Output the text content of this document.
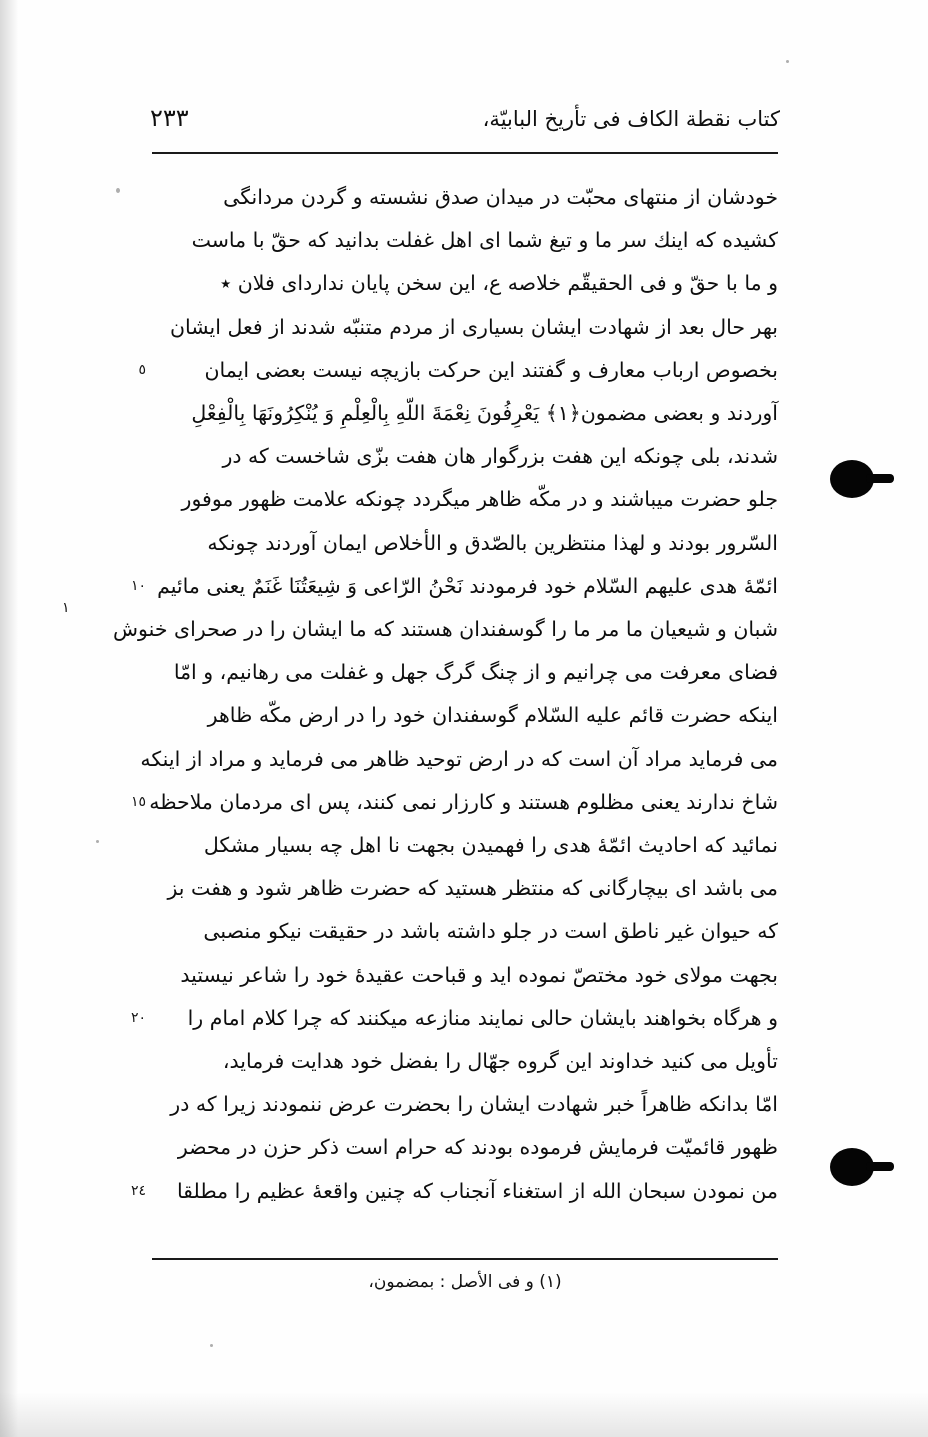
كتاب نقطة الكاف فى تأريخ البابيّة،
٢٣٣
١
خودشان از منتهاى محبّت در ميدان صدق نشسته و گردن مردانگى
كشيده كه اينك سر ما و تيغ شما اى اهل غفلت بدانيد كه حقّ با ماست
و ما با حقّ و فى الحقيقّم خلاصه ع، اين سخن پايان نداردای فلان ٭
بهر حال بعد از شهادت ايشان بسيارى از مردم متنبّه شدند از فعل ايشان
بخصوص ارباب معارف و گفتند اين حركت بازيچه نيست بعضى ايمان
٥
آوردند و بعضى مضمون﴿١﴾ يَعْرِفُونَ نِعْمَةَ اللّهِ بِالْعِلْمِ وَ يُنْكِرُونَهَا بِالْفِعْلِ
شدند، بلى چونكه اين هفت بزرگوار هان هفت بزّى شاخست كه در
جلو حضرت ميباشند و در مكّه ظاهر ميگردد چونكه علامت ظهور موفور
السّرور بودند و لهذا منتظرين بالصّدق و الأخلاص ايمان آوردند چونكه
ائمّهٔ هدى عليهم السّلام خود فرمودند نَحْنُ الرّاعى وَ شِيعَتُنَا غَنَمٌ يعنى مائيم
١٠
شبان و شيعيان ما مر ما را گوسفندان هستند كه ما ايشان را در صحراى خنوش
فضاى معرفت مى چرانيم و از چنگ گرگ جهل و غفلت مى رهانيم، و امّا
اينكه حضرت قائم عليه السّلام گوسفندان خود را در ارض مكّه ظاهر
مى فرمايد مراد آن است كه در ارض توحيد ظاهر مى فرمايد و مراد از اينكه
شاخ ندارند يعنى مظلوم هستند و كارزار نمى كنند، پس اى مردمان ملاحظه
١٥
نمائيد كه احاديث ائمّهٔ هدى را فهميدن بجهت نا اهل چه بسيار مشكل
مى باشد اى بيچارگانى كه منتظر هستيد كه حضرت ظاهر شود و هفت بز
كه حيوان غير ناطق است در جلو داشته باشد در حقيقت نيكو منصبى
بجهت مولاى خود مختصّ نموده ايد و قباحت عقيدهٔ خود را شاعر نيستيد
و هرگاه بخواهند بايشان حالى نمايند منازعه ميكنند كه چرا كلام امام را
٢٠
تأويل مى كنيد خداوند اين گروه جهّال را بفضل خود هدايت فرمايد،
امّا بدانكه ظاهراً خبر شهادت ايشان را بحضرت عرض ننمودند زيرا كه در
ظهور قائميّت فرمايش فرموده بودند كه حرام است ذكر حزن در محضر
من نمودن سبحان الله از استغناء آنجناب كه چنين واقعهٔ عظيم را مطلقا
٢٤
(١) و فى الأصل : بمضمون،
